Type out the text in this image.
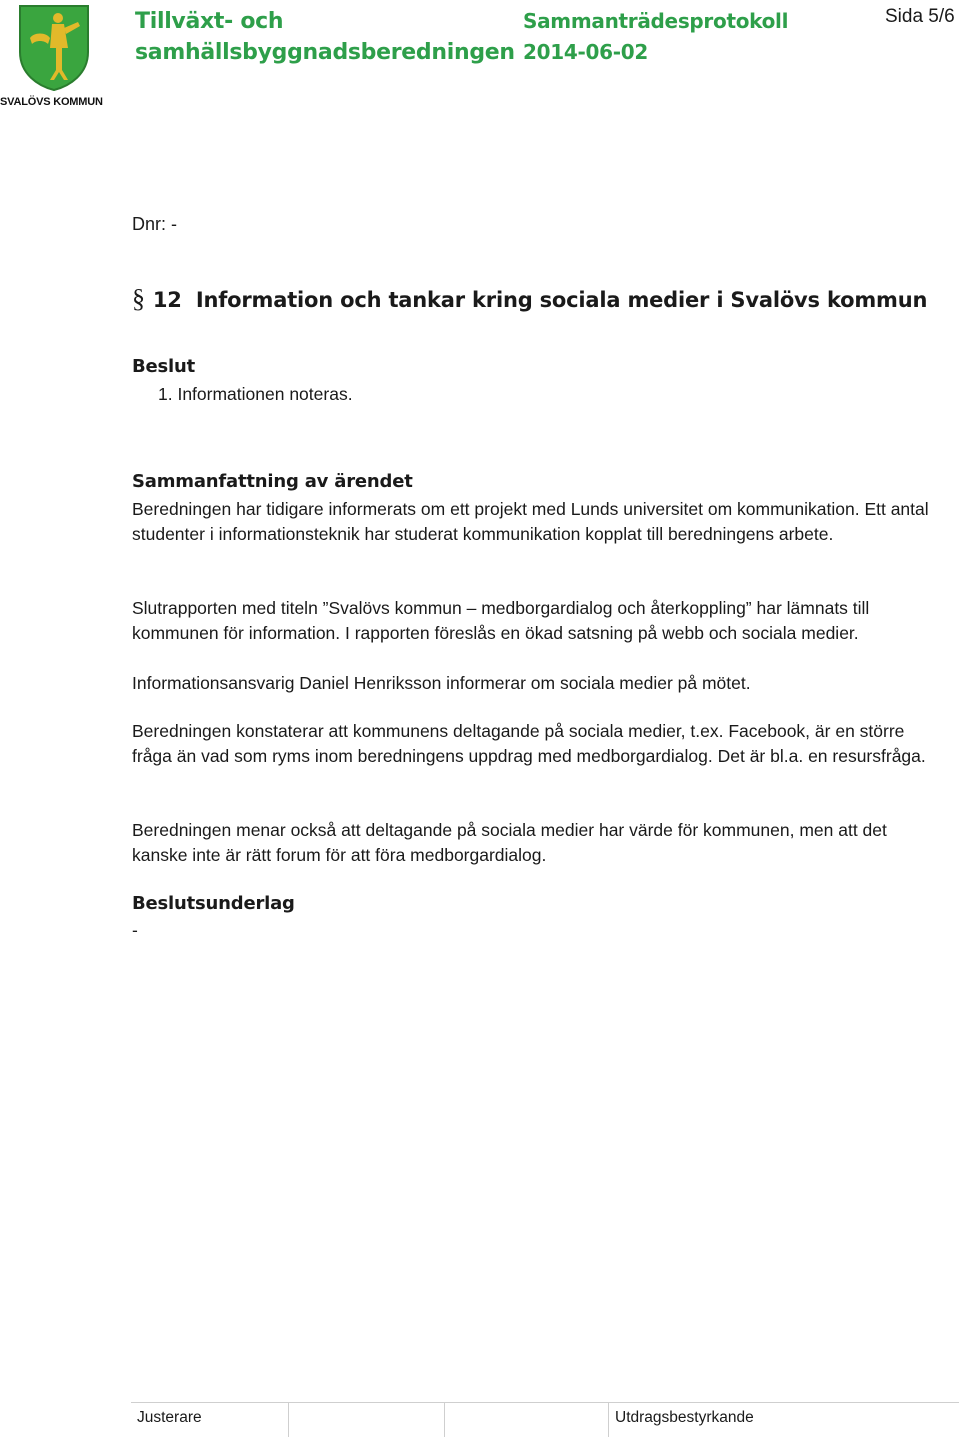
SVALÖVS KOMMUN
Tillväxt- och
samhällsbyggnadsberedningen
Sammanträdesprotokoll
2014-06-02
Sida 5/6
Dnr: -
§ 12  Information och tankar kring sociala medier i Svalövs kommun
Beslut
1. Informationen noteras.
Sammanfattning av ärendet
Beredningen har tidigare informerats om ett projekt med Lunds universitet om kommunikation. Ett antal studenter i informationsteknik har studerat kommunikation kopplat till beredningens arbete.
Slutrapporten med titeln ”Svalövs kommun – medborgardialog och återkoppling” har lämnats till kommunen för information. I rapporten föreslås en ökad satsning på webb och sociala medier.
Informationsansvarig Daniel Henriksson informerar om sociala medier på mötet.
Beredningen konstaterar att kommunens deltagande på sociala medier, t.ex. Facebook, är en större fråga än vad som ryms inom beredningens uppdrag med medborgardialog. Det är bl.a. en resursfråga.
Beredningen menar också att deltagande på sociala medier har värde för kommunen, men att det kanske inte är rätt forum för att föra medborgardialog.
Beslutsunderlag
-
Justerare	Utdragsbestyrkande
